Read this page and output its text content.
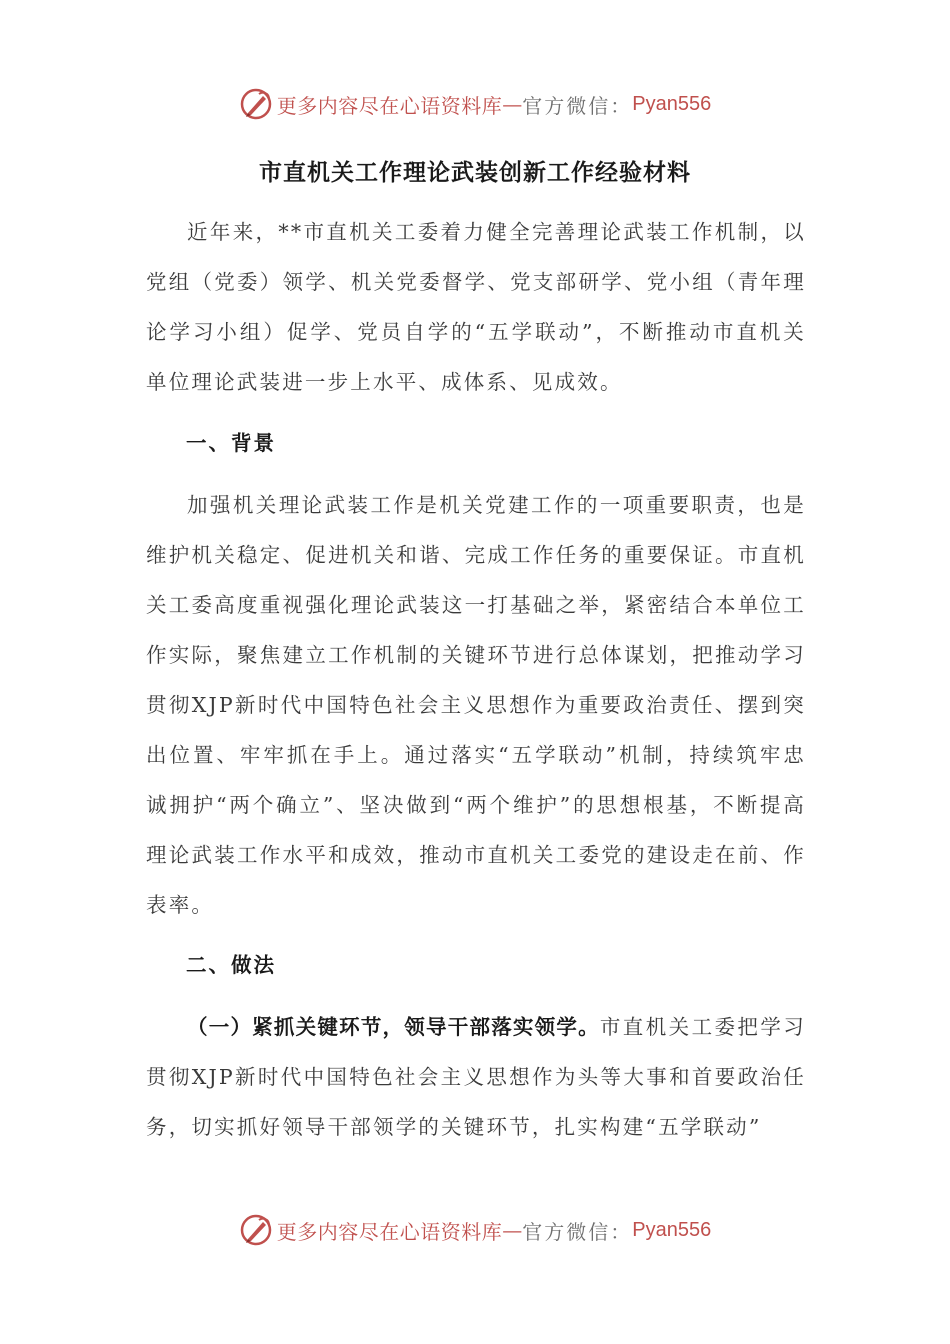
更多内容尽在心语资料库 — 官方微信： Pyan556
市直机关工作理论武装创新工作经验材料

近年来，**市直机关工委着力健全完善理论武装工作机制，以党组（党委）领学、机关党委督学、党支部研学、党小组（青年理论学习小组）促学、党员自学的“五学联动”，不断推动市直机关单位理论武装进一步上水平、成体系、见成效。

一、背景

加强机关理论武装工作是机关党建工作的一项重要职责，也是维护机关稳定、促进机关和谐、完成工作任务的重要保证。市直机关工委高度重视强化理论武装这一打基础之举，紧密结合本单位工作实际，聚焦建立工作机制的关键环节进行总体谋划，把推动学习贯彻XJP新时代中国特色社会主义思想作为重要政治责任、摆到突出位置、牢牢抓在手上。通过落实“五学联动”机制，持续筑牢忠诚拥护“两个确立”、坚决做到“两个维护”的思想根基，不断提高理论武装工作水平和成效，推动市直机关工委党的建设走在前、作表率。

二、做法

（一）紧抓关键环节，领导干部落实领学。市直机关工委把学习贯彻XJP新时代中国特色社会主义思想作为头等大事和首要政治任务，切实抓好领导干部领学的关键环节，扎实构建“五学联动”

更多内容尽在心语资料库 — 官方微信： Pyan556
